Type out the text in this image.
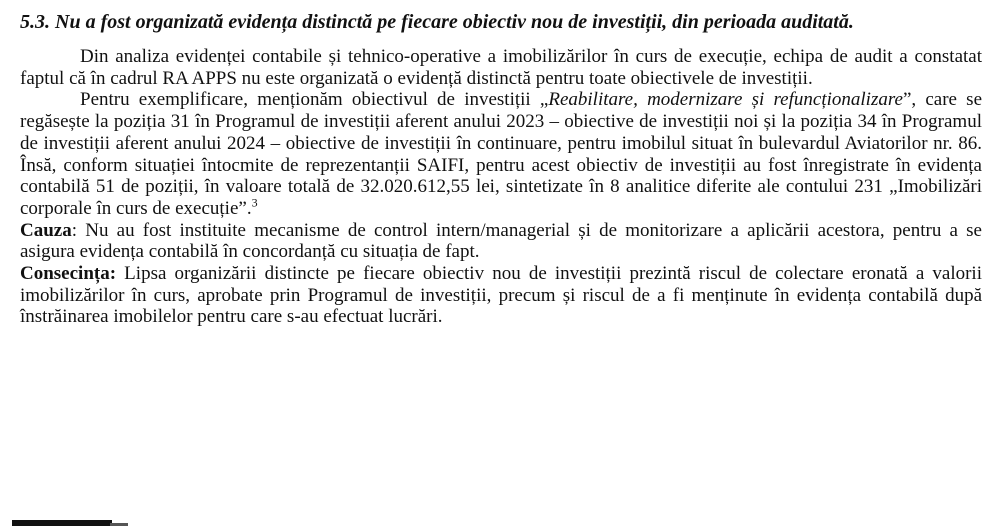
5.3. Nu a fost organizată evidența distinctă pe fiecare obiectiv nou de investiții, din perioada auditată.

Din analiza evidenței contabile și tehnico-operative a imobilizărilor în curs de execuție, echipa de audit a constatat faptul că în cadrul RA APPS nu este organizată o evidență distinctă pentru toate obiectivele de investiții.

Pentru exemplificare, menționăm obiectivul de investiții „Reabilitare, modernizare și refuncționalizare”, care se regăsește la poziția 31 în Programul de investiții aferent anului 2023 – obiective de investiții noi și la poziția 34 în Programul de investiții aferent anului 2024 – obiective de investiții în continuare, pentru imobilul situat în bulevardul Aviatorilor nr. 86. Însă, conform situației întocmite de reprezentanții SAIFI, pentru acest obiectiv de investiții au fost înregistrate în evidența contabilă 51 de poziții, în valoare totală de 32.020.612,55 lei, sintetizate în 8 analitice diferite ale contului 231 „Imobilizări corporale în curs de execuție”.$^3$

Cauza: Nu au fost instituite mecanisme de control intern/managerial și de monitorizare a aplicării acestora, pentru a se asigura evidența contabilă în concordanță cu situația de fapt.

Consecința: Lipsa organizării distincte pe fiecare obiectiv nou de investiții prezintă riscul de colectare eronată a valorii imobilizărilor în curs, aprobate prin Programul de investiții, precum și riscul de a fi menținute în evidența contabilă după înstrăinarea imobilelor pentru care s-au efectuat lucrări.
